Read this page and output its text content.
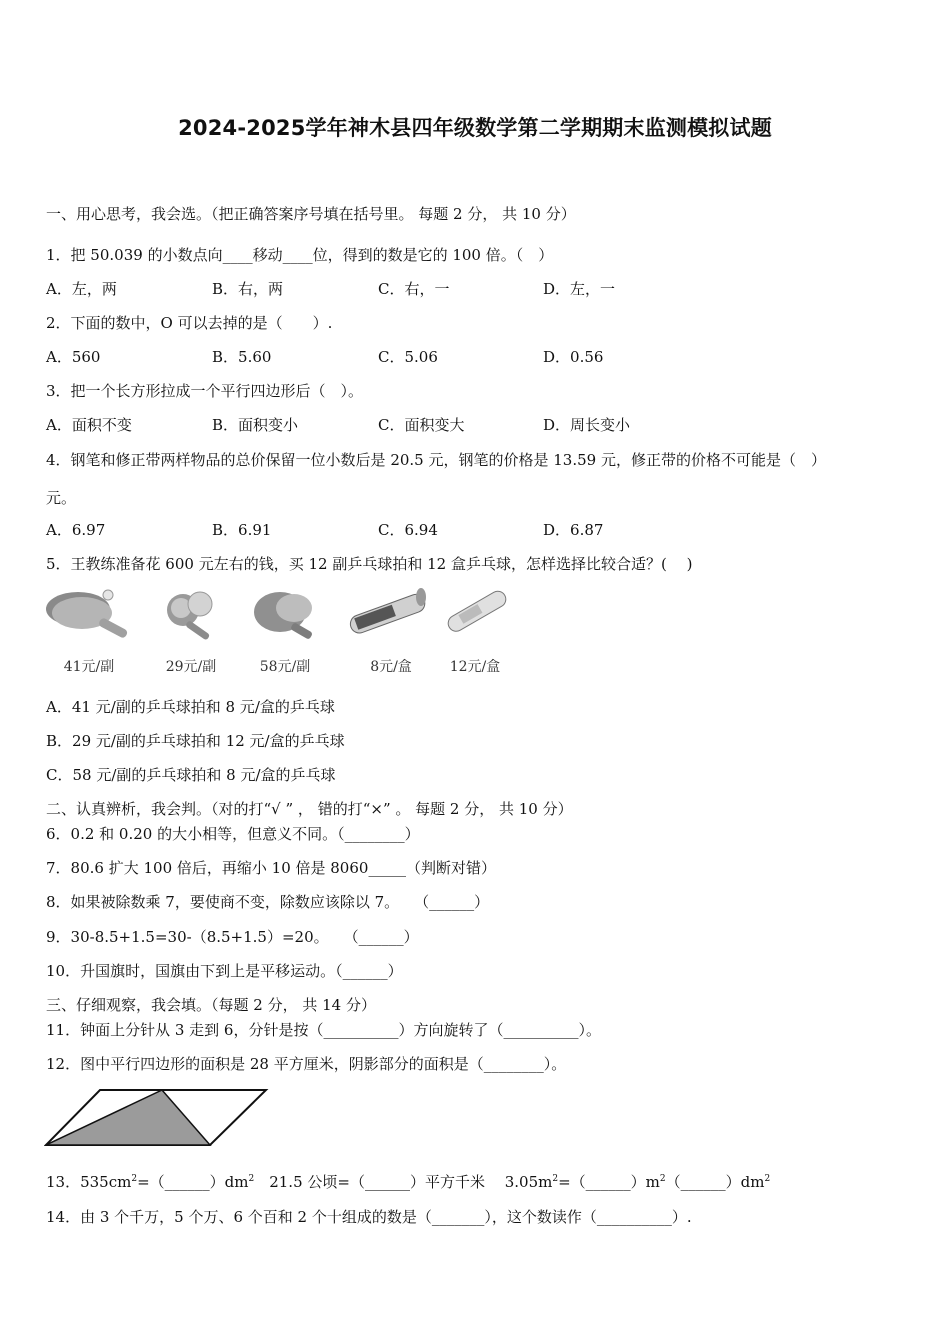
2024-2025学年神木县四年级数学第二学期期末监测模拟试题
一、用心思考，我会选。（把正确答案序号填在括号里。 每题 2 分， 共 10 分）
1．把 50.039 的小数点向____移动____位，得到的数是它的 100 倍。（　）
A．左，两	B．右，两	C．右，一	D．左，一
2．下面的数中，O 可以去掉的是（　　）.
A．560	B．5.60	C．5.06	D．0.56
3．把一个长方形拉成一个平行四边形后（　）。
A．面积不变	B．面积变小	C．面积变大	D．周长变小
4．钢笔和修正带两样物品的总价保留一位小数后是 20.5 元，钢笔的价格是 13.59 元，修正带的价格不可能是（　）
元。
A．6.97	B．6.91	C．6.94	D．6.87
5．王教练准备花 600 元左右的钱，买 12 副乒乓球拍和 12 盒乒乓球，怎样选择比较合适？(　 )
41元/副	29元/副	58元/副	8元/盒	12元/盒
A．41 元/副的乒乓球拍和 8 元/盒的乒乓球
B．29 元/副的乒乓球拍和 12 元/盒的乒乓球
C．58 元/副的乒乓球拍和 8 元/盒的乒乓球
二、认真辨析，我会判。（对的打“√ ” ， 错的打“×” 。 每题 2 分， 共 10 分）
6．0.2 和 0.20 的大小相等，但意义不同。（________）
7．80.6 扩大 100 倍后，再缩小 10 倍是 8060_____（判断对错）
8．如果被除数乘 7，要使商不变，除数应该除以 7。　　（______）
9．30-8.5+1.5=30-（8.5+1.5）=20。　　（______）
10．升国旗时，国旗由下到上是平移运动。（______）
三、仔细观察，我会填。（每题 2 分， 共 14 分）
11．钟面上分针从 3 走到 6，分针是按（__________）方向旋转了（__________）。
12．图中平行四边形的面积是 28 平方厘米，阴影部分的面积是（________）。
13．$535cm^2=(\_\_\_\_\_\_)dm^2$　21.5 公顷=（______）平方千米　 $3.05m^2=(\_\_\_\_\_\_)m^2(\_\_\_\_\_\_)dm^2$
14．由 3 个千万，5 个万、6 个百和 2 个十组成的数是（_______），这个数读作（__________）.
